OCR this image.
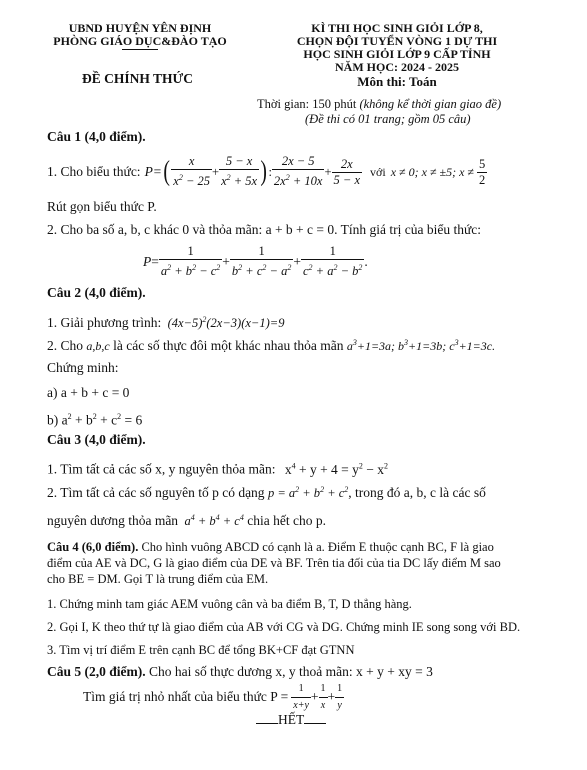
UBND HUYỆN YÊN ĐỊNH
PHÒNG GIÁO DỤC&ĐÀO TẠO
ĐỀ CHÍNH THỨC
KÌ THI HỌC SINH GIỎI LỚP 8,
CHỌN ĐỘI TUYỂN VÒNG 1 DỰ THI
HỌC SINH GIỎI LỚP 9 CẤP TỈNH
NĂM HỌC: 2024 - 2025
Môn thi: Toán
Thời gian: 150 phút (không kể thời gian giao đề)
(Đề thi có 01 trang; gồm 05 câu)
Câu 1 (4,0 điểm).
1. Cho biểu thức: P= ( $\frac{x}{x^2 - 25} + \frac{5 - x}{x^2 + 5x}$ ) : $\frac{2x - 5}{2x^2 + 10x} + \frac{2x}{5 - x}$ với x ≠ 0; x ≠ ±5; $x \ne \frac{5}{2}$
Rút gọn biểu thức P.
2. Cho ba số a, b, c khác 0 và thỏa mãn: a + b + c = 0. Tính giá trị của biểu thức:
$P = \frac{1}{a^2 + b^2 - c^2} + \frac{1}{b^2 + c^2 - a^2} + \frac{1}{c^2 + a^2 - b^2}$ .
Câu 2 (4,0 điểm).
1. Giải phương trình: $(4x-5)^2(2x-3)(x-1)=9$
2. Cho a,b,c là các số thực đôi một khác nhau thỏa mãn $a^3+1=3a$; $b^3+1=3b$; $c^3+1=3c$.
Chứng minh:
a) a + b + c = 0
b) $a^2 + b^2 + c^2 = 6$
Câu 3 (4,0 điểm).
1. Tìm tất cả các số x, y nguyên thỏa mãn: $x^4 + y + 4 = y^2 - x^2$
2. Tìm tất cả các số nguyên tố p có dạng $p = a^2 + b^2 + c^2$, trong đó a, b, c là các số
nguyên dương thỏa mãn $a^4 + b^4 + c^4$ chia hết cho p.
Câu 4 (6,0 điểm). Cho hình vuông ABCD có cạnh là a. Điểm E thuộc cạnh BC, F là giao
điểm của AE và DC, G là giao điểm của DE và BF. Trên tia đối của tia DC lấy điểm M sao
cho BE = DM. Gọi T là trung điểm của EM.
1. Chứng minh tam giác AEM vuông cân và ba điểm B, T, D thẳng hàng.
2. Gọi I, K theo thứ tự là giao điểm của AB với CG và DG. Chứng minh IE song song với BD.
3. Tìm vị trí điểm E trên cạnh BC để tổng BK+CF đạt GTNN
Câu 5 (2,0 điểm). Cho hai số thực dương x, y thoả mãn: x + y + xy = 3
Tìm giá trị nhỏ nhất của biểu thức $P = \frac{1}{x+y} + \frac{1}{x} + \frac{1}{y}$
HẾT
